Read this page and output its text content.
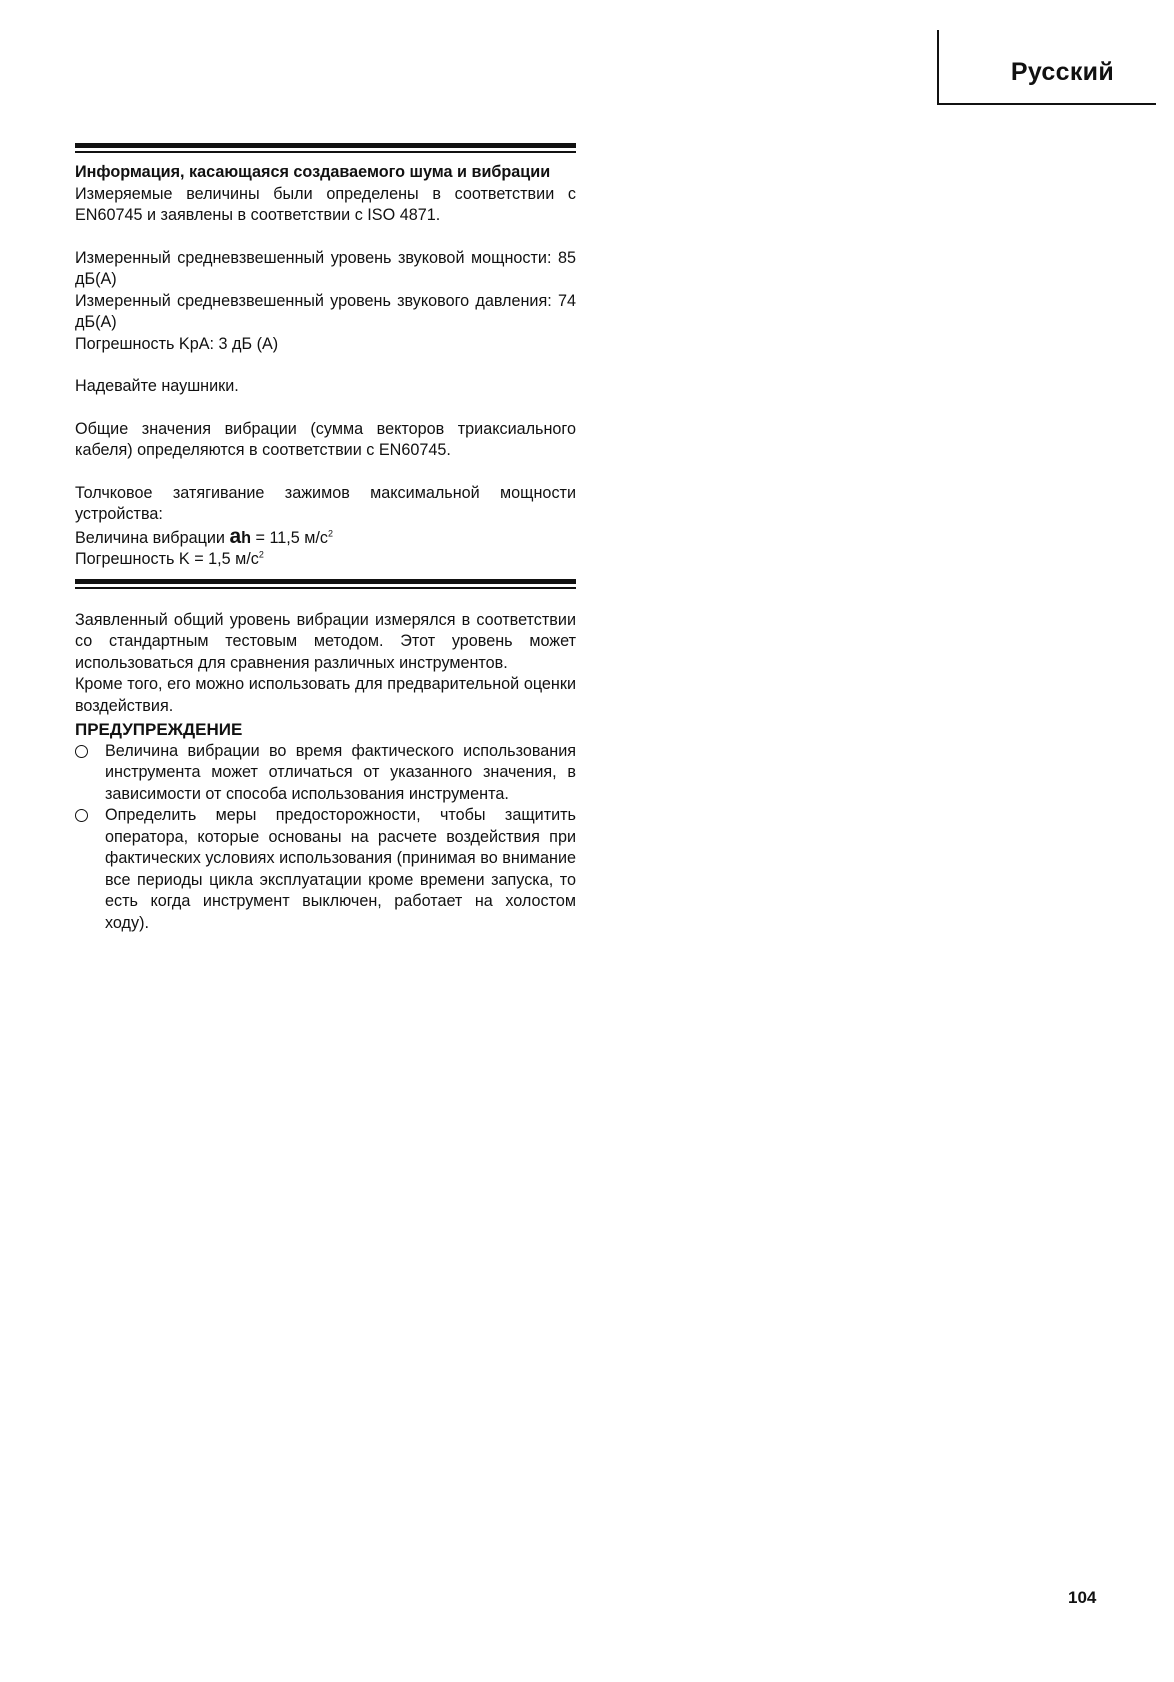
Русский

Информация, касающаяся создаваемого шума и вибрации

Измеряемые величины были определены в соответствии с EN60745 и заявлены в соответствии с ISO 4871.

Измеренный средневзвешенный уровень звуковой мощности: 85 дБ(A)

Измеренный средневзвешенный уровень звукового давления: 74 дБ(A)

Погрешность KpA: 3 дБ (A)

Надевайте наушники.

Общие значения вибрации (сумма векторов триаксиального кабеля) определяются в соответствии с EN60745.

Толчковое затягивание зажимов максимальной мощности устройства:

Величина вибрации ah = 11,5 $м/с^2$

Погрешность K = 1,5 $м/с^2$

Заявленный общий уровень вибрации измерялся в соответствии со стандартным тестовым методом. Этот уровень может использоваться для сравнения различных инструментов.

Кроме того, его можно использовать для предварительной оценки воздействия.

ПРЕДУПРЕЖДЕНИЕ

Величина вибрации во время фактического использования инструмента может отличаться от указанного значения, в зависимости от способа использования инструмента.
Определить меры предосторожности, чтобы защитить оператора, которые основаны на расчете воздействия при фактических условиях использования (принимая во внимание все периоды цикла эксплуатации кроме времени запуска, то есть когда инструмент выключен, работает на холостом ходу).
104
